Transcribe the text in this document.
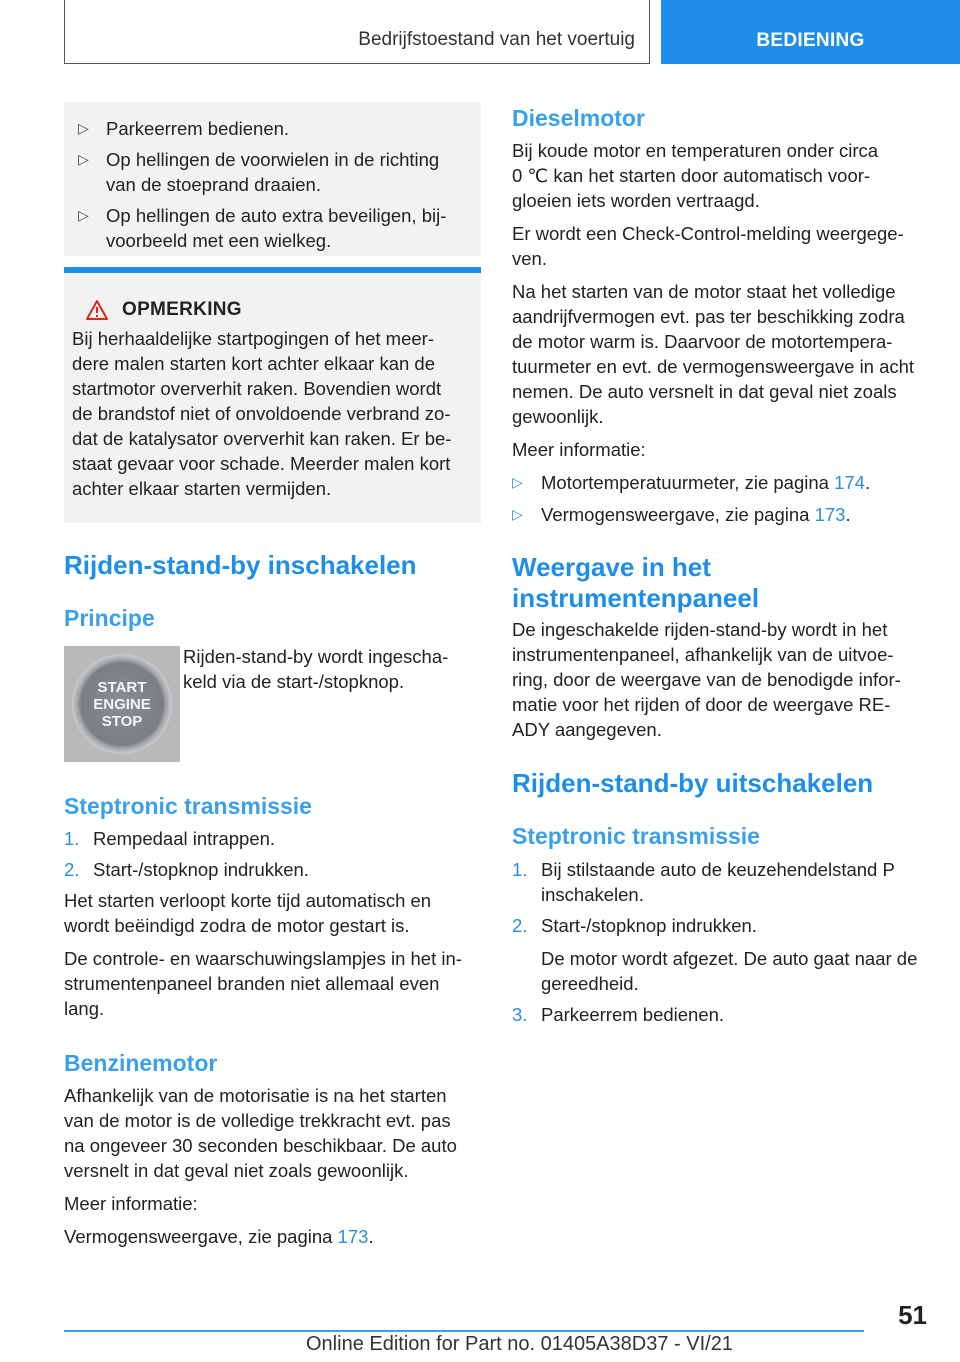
Bedrijfstoestand van het voertuig	BEDIENING
▷ Parkeerrem bedienen.
▷ Op hellingen de voorwielen in de richting van de stoeprand draaien.
▷ Op hellingen de auto extra beveiligen, bij-voorbeeld met een wielkeg.
OPMERKING
Bij herhaaldelijke startpogingen of het meer-
dere malen starten kort achter elkaar kan de
startmotor oververhit raken. Bovendien wordt
de brandstof niet of onvoldoende verbrand zo-
dat de katalysator oververhit kan raken. Er be-
staat gevaar voor schade. Meerder malen kort
achter elkaar starten vermijden.
Rijden-stand-by inschakelen
Principe
START
ENGINE
STOP
Rijden-stand-by wordt ingescha-
keld via de start-/stopknop.
Steptronic transmissie
1. Rempedaal intrappen.
2. Start-/stopknop indrukken.

Het starten verloopt korte tijd automatisch en
wordt beëindigd zodra de motor gestart is.

De controle- en waarschuwingslampjes in het in-
strumentenpaneel branden niet allemaal even
lang.

Benzinemotor

Afhankelijk van de motorisatie is na het starten
van de motor is de volledige trekkracht evt. pas
na ongeveer 30 seconden beschikbaar. De auto
versnelt in dat geval niet zoals gewoonlijk.

Meer informatie:

Vermogensweergave, zie pagina 173.

Dieselmotor

Bij koude motor en temperaturen onder circa
0 ℃ kan het starten door automatisch voor-
gloeien iets worden vertraagd.

Er wordt een Check-Control-melding weergege-
ven.

Na het starten van de motor staat het volledige
aandrijfvermogen evt. pas ter beschikking zodra
de motor warm is. Daarvoor de motortempera-
tuurmeter en evt. de vermogensweergave in acht
nemen. De auto versnelt in dat geval niet zoals
gewoonlijk.

Meer informatie:

▷ Motortemperatuurmeter, zie pagina 174.
▷ Vermogensweergave, zie pagina 173.
Weergave in het
instrumentenpaneel

De ingeschakelde rijden-stand-by wordt in het
instrumentenpaneel, afhankelijk van de uitvoe-
ring, door de weergave van de benodigde infor-
matie voor het rijden of door de weergave RE-
ADY aangegeven.

Rijden-stand-by uitschakelen
Steptronic transmissie
1. Bij stilstaande auto de keuzehendelstand P
inschakelen.
2. Start-/stopknop indrukken.
De motor wordt afgezet. De auto gaat naar de
gereedheid.
3. Parkeerrem bedienen.
51
Online Edition for Part no. 01405A38D37 - VI/21
